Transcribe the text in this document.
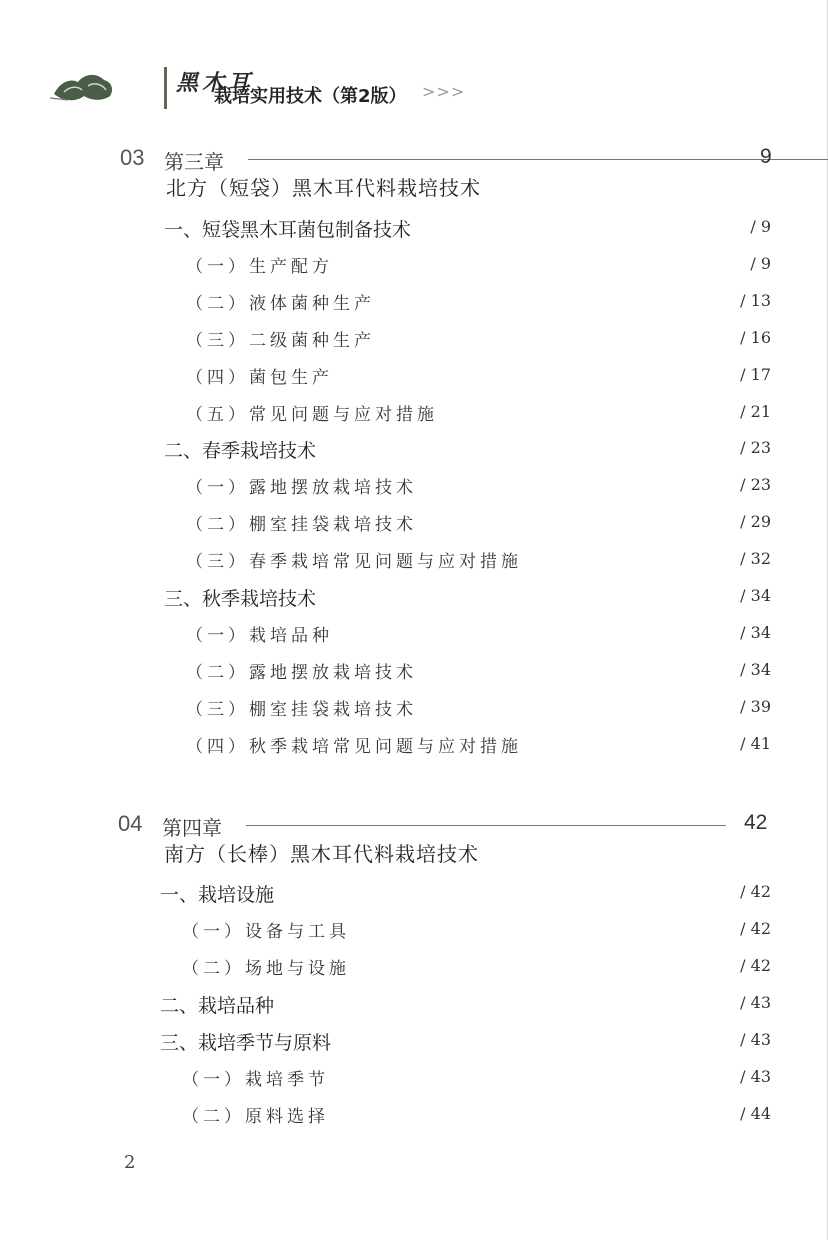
黑木耳
栽培实用技术（第2版） >>>
03 第三章	9
北方（短袋）黑木耳代料栽培技术
一、短袋黑木耳菌包制备技术	/ 9
（一）生产配方	/ 9
（二）液体菌种生产	/ 13
（三）二级菌种生产	/ 16
（四）菌包生产	/ 17
（五）常见问题与应对措施	/ 21
二、春季栽培技术	/ 23
（一）露地摆放栽培技术	/ 23
（二）棚室挂袋栽培技术	/ 29
（三）春季栽培常见问题与应对措施	/ 32
三、秋季栽培技术	/ 34
（一）栽培品种	/ 34
（二）露地摆放栽培技术	/ 34
（三）棚室挂袋栽培技术	/ 39
（四）秋季栽培常见问题与应对措施	/ 41
04 第四章	42
南方（长棒）黑木耳代料栽培技术
一、栽培设施	/ 42
（一）设备与工具	/ 42
（二）场地与设施	/ 42
二、栽培品种	/ 43
三、栽培季节与原料	/ 43
（一）栽培季节	/ 43
（二）原料选择	/ 44
2
